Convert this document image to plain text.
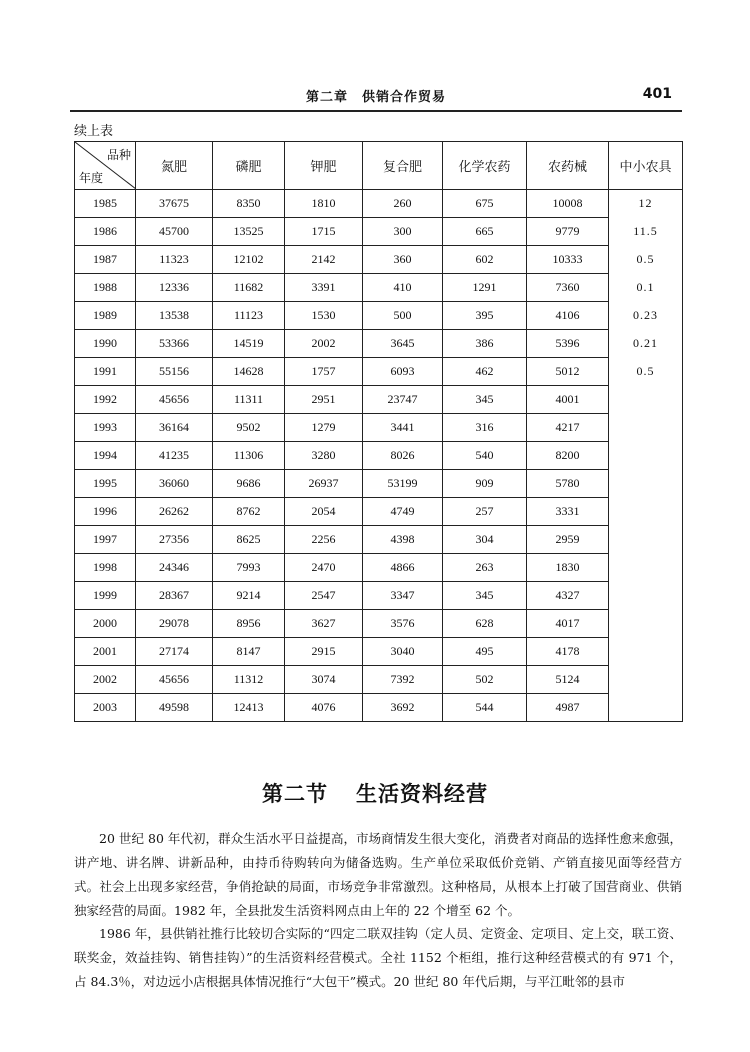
第二章　供销合作贸易	401
续上表
品种
年度	氮肥	磷肥	钾肥	复合肥	化学农药	农药械	中小农具
1985	37675	8350	1810	260	675	10008	12
1986	45700	13525	1715	300	665	9779	11.5
1987	11323	12102	2142	360	602	10333	0.5
1988	12336	11682	3391	410	1291	7360	0.1
1989	13538	11123	1530	500	395	4106	0.23
1990	53366	14519	2002	3645	386	5396	0.21
1991	55156	14628	1757	6093	462	5012	0.5
1992	45656	11311	2951	23747	345	4001	
1993	36164	9502	1279	3441	316	4217	
1994	41235	11306	3280	8026	540	8200	
1995	36060	9686	26937	53199	909	5780	
1996	26262	8762	2054	4749	257	3331	
1997	27356	8625	2256	4398	304	2959	
1998	24346	7993	2470	4866	263	1830	
1999	28367	9214	2547	3347	345	4327	
2000	29078	8956	3627	3576	628	4017	
2001	27174	8147	2915	3040	495	4178	
2002	45656	11312	3074	7392	502	5124	
2003	49598	12413	4076	3692	544	4987	
第二节 生活资料经营

20 世纪 80 年代初，群众生活水平日益提高，市场商情发生很大变化，消费者对商品的选择性愈来愈强，讲产地、讲名牌、讲新品种，由持币待购转向为储备选购。生产单位采取低价竞销、产销直接见面等经营方式。社会上出现多家经营，争俏抢缺的局面，市场竞争非常激烈。这种格局，从根本上打破了国营商业、供销独家经营的局面。1982 年，全县批发生活资料网点由上年的 22 个增至 62 个。

1986 年，县供销社推行比较切合实际的“四定二联双挂钩（定人员、定资金、定项目、定上交，联工资、联奖金，效益挂钩、销售挂钩）”的生活资料经营模式。全社 1152 个柜组，推行这种经营模式的有 971 个，占 84.3％，对边远小店根据具体情况推行“大包干”模式。20 世纪 80 年代后期，与平江毗邻的县市
